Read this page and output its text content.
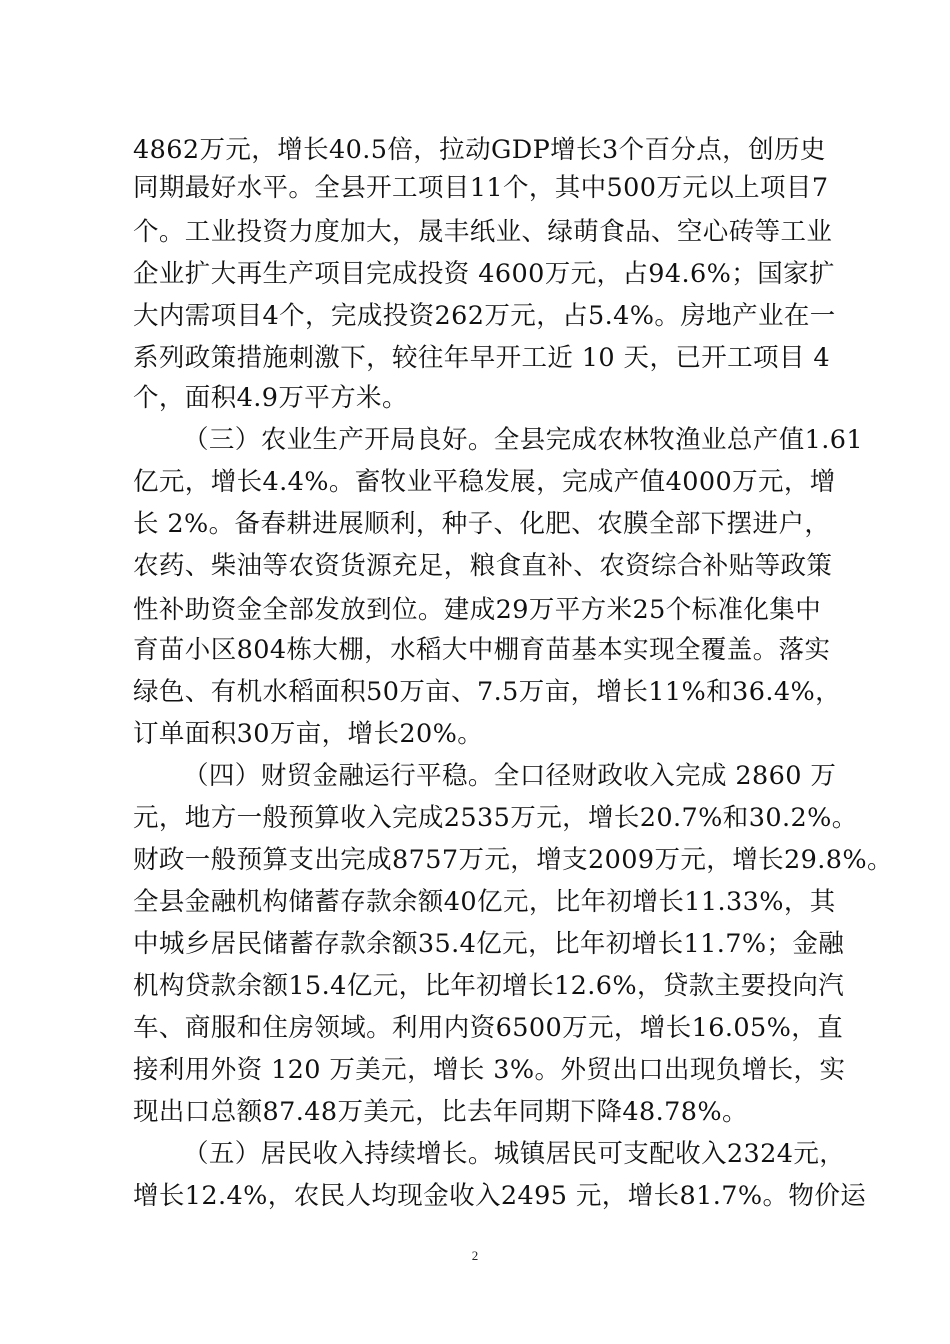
4862万元，增长40.5倍，拉动GDP增长3个百分点，创历史
同期最好水平。全县开工项目11个，其中500万元以上项目7
个。工业投资力度加大，晟丰纸业、绿萌食品、空心砖等工业
企业扩大再生产项目完成投资 4600万元，占94.6%；国家扩
大内需项目4个，完成投资262万元，占5.4%。房地产业在一
系列政策措施刺激下，较往年早开工近 10 天，已开工项目 4
个，面积4.9万平方米。
（三）农业生产开局良好。全县完成农林牧渔业总产值1.61
亿元，增长4.4%。畜牧业平稳发展，完成产值4000万元，增
长 2%。备春耕进展顺利，种子、化肥、农膜全部下摆进户，
农药、柴油等农资货源充足，粮食直补、农资综合补贴等政策
性补助资金全部发放到位。建成29万平方米25个标准化集中
育苗小区804栋大棚，水稻大中棚育苗基本实现全覆盖。落实
绿色、有机水稻面积50万亩、7.5万亩，增长11%和36.4%，
订单面积30万亩，增长20%。
（四）财贸金融运行平稳。全口径财政收入完成 2860 万
元，地方一般预算收入完成2535万元，增长20.7%和30.2%。
财政一般预算支出完成8757万元，增支2009万元，增长29.8%。
全县金融机构储蓄存款余额40亿元，比年初增长11.33%，其
中城乡居民储蓄存款余额35.4亿元，比年初增长11.7%；金融
机构贷款余额15.4亿元，比年初增长12.6%，贷款主要投向汽
车、商服和住房领域。利用内资6500万元，增长16.05%，直
接利用外资 120 万美元，增长 3%。外贸出口出现负增长，实
现出口总额87.48万美元，比去年同期下降48.78%。
（五）居民收入持续增长。城镇居民可支配收入2324元，
增长12.4%，农民人均现金收入2495 元，增长81.7%。物价运
2
